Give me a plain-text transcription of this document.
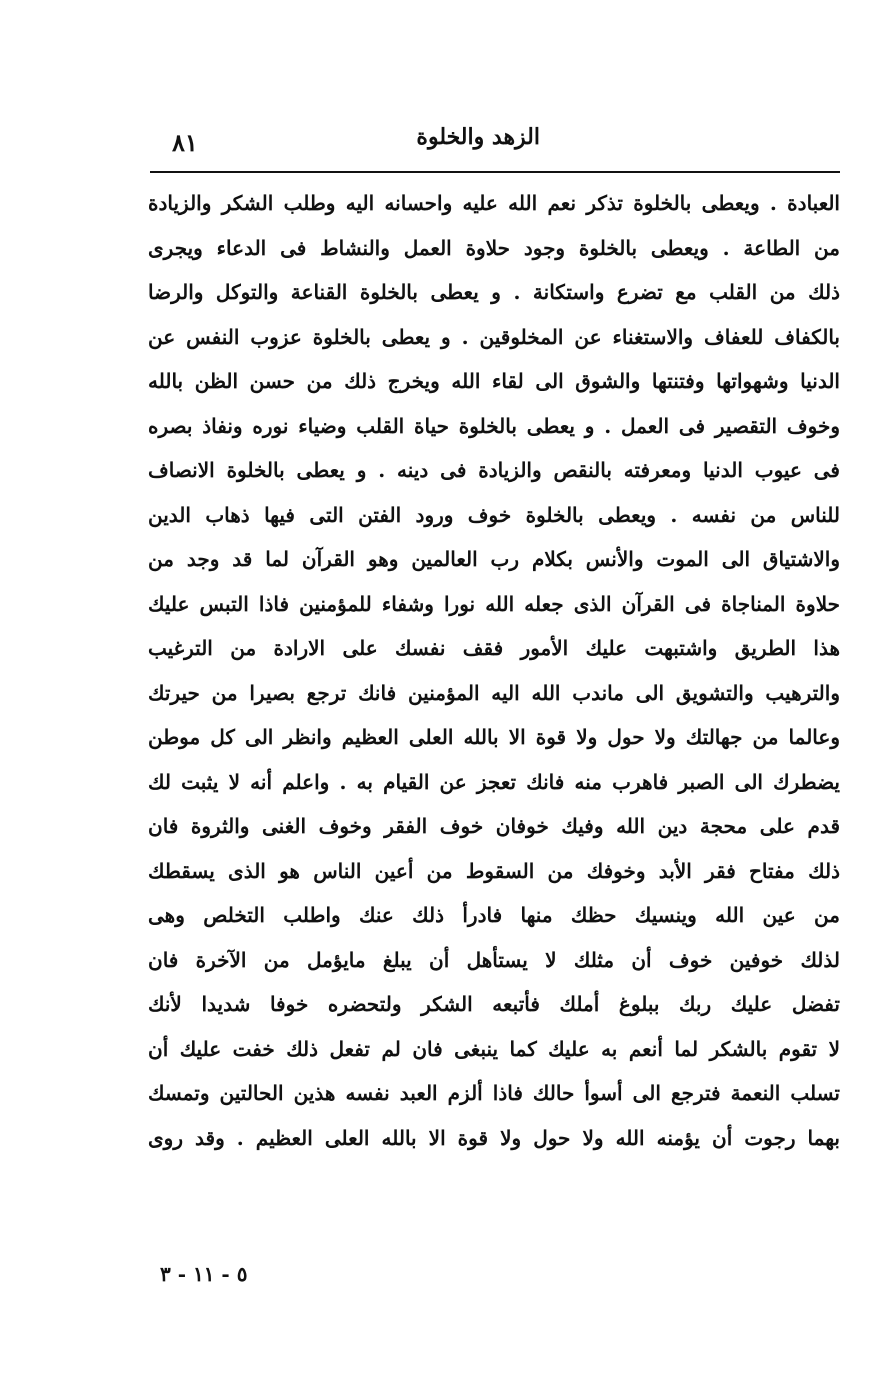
الزهد والخلوة
٨١
العبادة . ويعطى بالخلوة تذكر نعم الله عليه واحسانه اليه وطلب الشكر والزيادة
من الطاعة . ويعطى بالخلوة وجود حلاوة العمل والنشاط فى الدعاء ويجرى
ذلك من القلب مع تضرع واستكانة . و يعطى بالخلوة القناعة والتوكل والرضا
بالكفاف للعفاف والاستغناء عن المخلوقين . و يعطى بالخلوة عزوب النفس عن
الدنيا وشهواتها وفتنتها والشوق الى لقاء الله ويخرج ذلك من حسن الظن بالله
وخوف التقصير فى العمل . و يعطى بالخلوة حياة القلب وضياء نوره ونفاذ بصره
فى عيوب الدنيا ومعرفته بالنقص والزيادة فى دينه . و يعطى بالخلوة الانصاف
للناس من نفسه . ويعطى بالخلوة خوف ورود الفتن التى فيها ذهاب الدين
والاشتياق الى الموت والأنس بكلام رب العالمين وهو القرآن لما قد وجد من
حلاوة المناجاة فى القرآن الذى جعله الله نورا وشفاء للمؤمنين فاذا التبس عليك
هذا الطريق واشتبهت عليك الأمور فقف نفسك على الارادة من الترغيب
والترهيب والتشويق الى ماندب الله اليه المؤمنين فانك ترجع بصيرا من حيرتك
وعالما من جهالتك ولا حول ولا قوة الا بالله العلى العظيم وانظر الى كل موطن
يضطرك الى الصبر فاهرب منه فانك تعجز عن القيام به . واعلم أنه لا يثبت لك
قدم على محجة دين الله وفيك خوفان خوف الفقر وخوف الغنى والثروة فان
ذلك مفتاح فقر الأبد وخوفك من السقوط من أعين الناس هو الذى يسقطك
من عين الله وينسيك حظك منها فادرأ ذلك عنك واطلب التخلص وهى
لذلك خوفين خوف أن مثلك لا يستأهل أن يبلغ مايؤمل من الآخرة فان
تفضل عليك ربك ببلوغ أملك فأتبعه الشكر ولتحضره خوفا شديدا لأنك
لا تقوم بالشكر لما أنعم به عليك كما ينبغى فان لم تفعل ذلك خفت عليك أن
تسلب النعمة فترجع الى أسوأ حالك فاذا ألزم العبد نفسه هذين الحالتين وتمسك
بهما رجوت أن يؤمنه الله ولا حول ولا قوة الا بالله العلى العظيم . وقد روى
٥ - ١١ - ٣
